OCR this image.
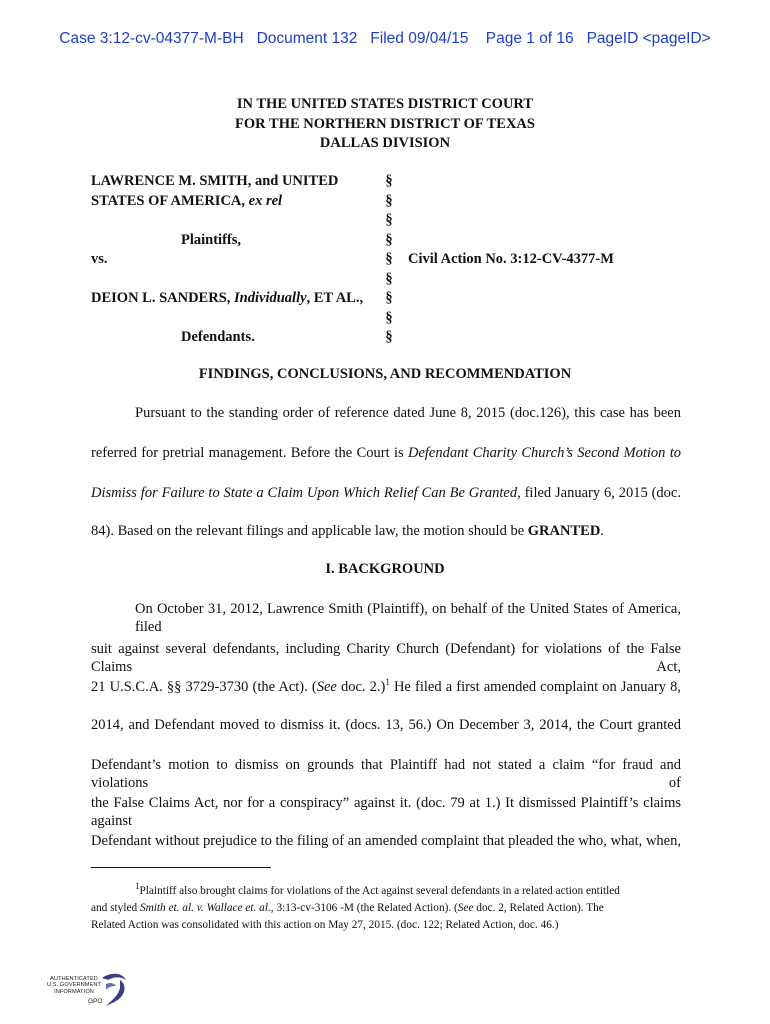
Case 3:12-cv-04377-M-BH   Document 132   Filed 09/04/15    Page 1 of 16   PageID <pageID>
IN THE UNITED STATES DISTRICT COURT
FOR THE NORTHERN DISTRICT OF TEXAS
DALLAS DIVISION
LAWRENCE M. SMITH, and UNITED	§
STATES OF AMERICA, ex rel	§
§
Plaintiffs,	§
vs.	§ Civil Action No. 3:12-CV-4377-M
§
DEION L. SANDERS, Individually, ET AL., §
§
Defendants.	§
FINDINGS, CONCLUSIONS, AND RECOMMENDATION
Pursuant to the standing order of reference dated June 8, 2015 (doc.126), this case has been
referred for pretrial management. Before the Court is Defendant Charity Church’s Second Motion to
Dismiss for Failure to State a Claim Upon Which Relief Can Be Granted, filed January 6, 2015 (doc.
84). Based on the relevant filings and applicable law, the motion should be GRANTED.
I. BACKGROUND
On October 31, 2012, Lawrence Smith (Plaintiff), on behalf of the United States of America, filed
suit against several defendants, including Charity Church (Defendant) for violations of the False Claims Act,
21 U.S.C.A. §§ 3729-3730 (the Act). (See doc. 2.)$^1$ He filed a first amended complaint on January 8,
2014, and Defendant moved to dismiss it. (docs. 13, 56.) On December 3, 2014, the Court granted
Defendant’s motion to dismiss on grounds that Plaintiff had not stated a claim “for fraud and violations of
the False Claims Act, nor for a conspiracy” against it. (doc. 79 at 1.) It dismissed Plaintiff’s claims against
Defendant without prejudice to the filing of an amended complaint that pleaded the who, what, when,
$^1$Plaintiff also brought claims for violations of the Act against several defendants in a related action entitled
and styled Smith et. al. v. Wallace et. al., 3:13-cv-3106 -M (the Related Action). (See doc. 2, Related Action). The
Related Action was consolidated with this action on May 27, 2015. (doc. 122; Related Action, doc. 46.)
AUTHENTICATED
U.S. GOVERNMENT
INFORMATION
GPO
